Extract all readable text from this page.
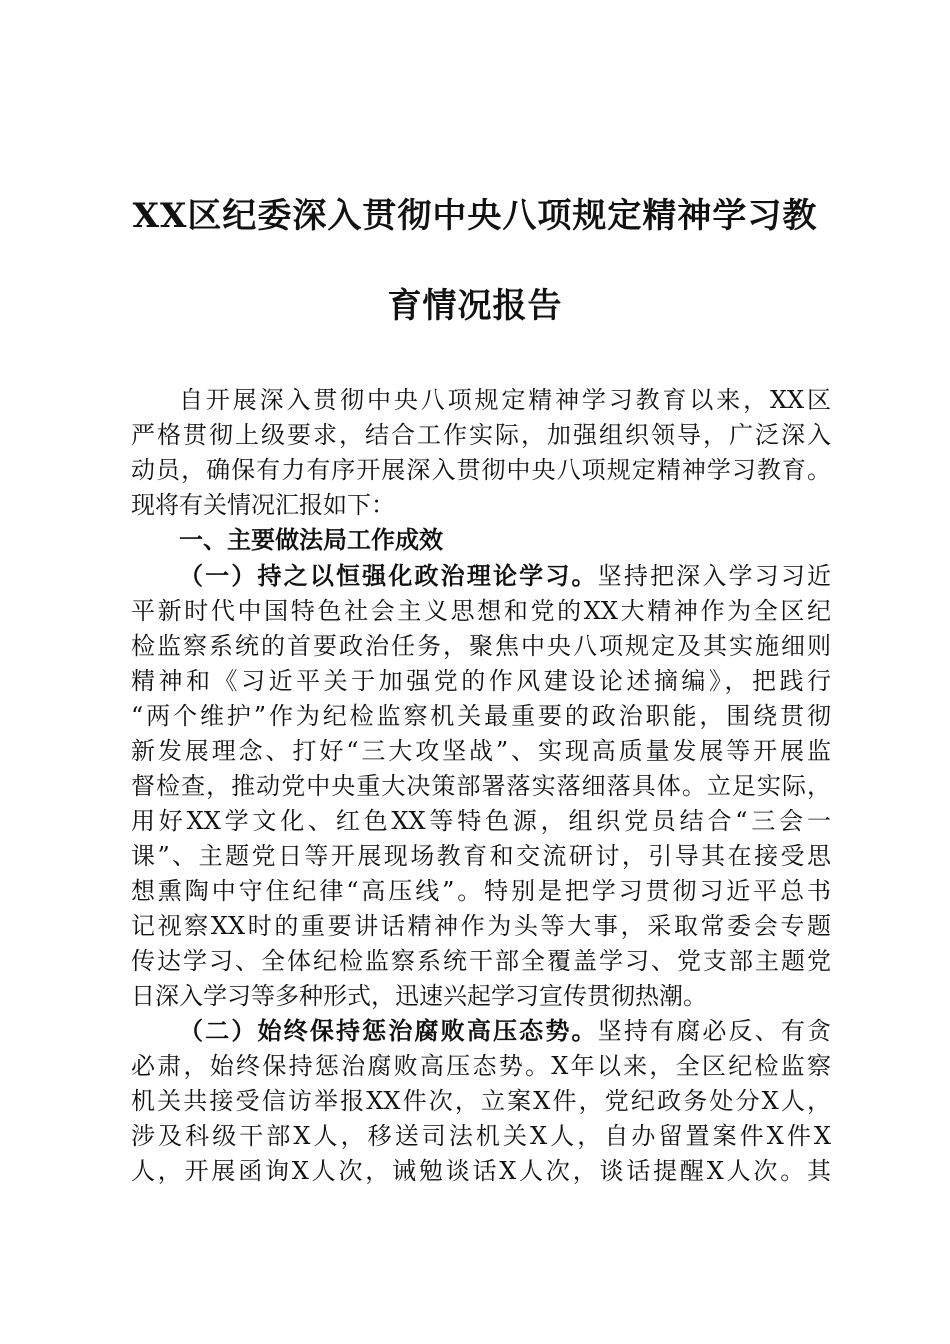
XX区纪委深入贯彻中央八项规定精神学习教
育情况报告
自开展深入贯彻中央八项规定精神学习教育以来，XX区
严格贯彻上级要求，结合工作实际，加强组织领导，广泛深入
动员，确保有力有序开展深入贯彻中央八项规定精神学习教育。
现将有关情况汇报如下：
一、主要做法局工作成效
（一）持之以恒强化政治理论学习。坚持把深入学习习近
平新时代中国特色社会主义思想和党的XX大精神作为全区纪
检监察系统的首要政治任务，聚焦中央八项规定及其实施细则
精神和《习近平关于加强党的作风建设论述摘编》，把践行
“两个维护”作为纪检监察机关最重要的政治职能，围绕贯彻
新发展理念、打好“三大攻坚战”、实现高质量发展等开展监
督检查，推动党中央重大决策部署落实落细落具体。立足实际，
用好XX学文化、红色XX等特色源，组织党员结合“三会一
课”、主题党日等开展现场教育和交流研讨，引导其在接受思
想熏陶中守住纪律“高压线”。特别是把学习贯彻习近平总书
记视察XX时的重要讲话精神作为头等大事，采取常委会专题
传达学习、全体纪检监察系统干部全覆盖学习、党支部主题党
日深入学习等多种形式，迅速兴起学习宣传贯彻热潮。
（二）始终保持惩治腐败高压态势。坚持有腐必反、有贪
必肃，始终保持惩治腐败高压态势。X年以来，全区纪检监察
机关共接受信访举报XX件次，立案X件，党纪政务处分X人，
涉及科级干部X人，移送司法机关X人，自办留置案件X件X
人，开展函询X人次，诫勉谈话X人次，谈话提醒X人次。其
